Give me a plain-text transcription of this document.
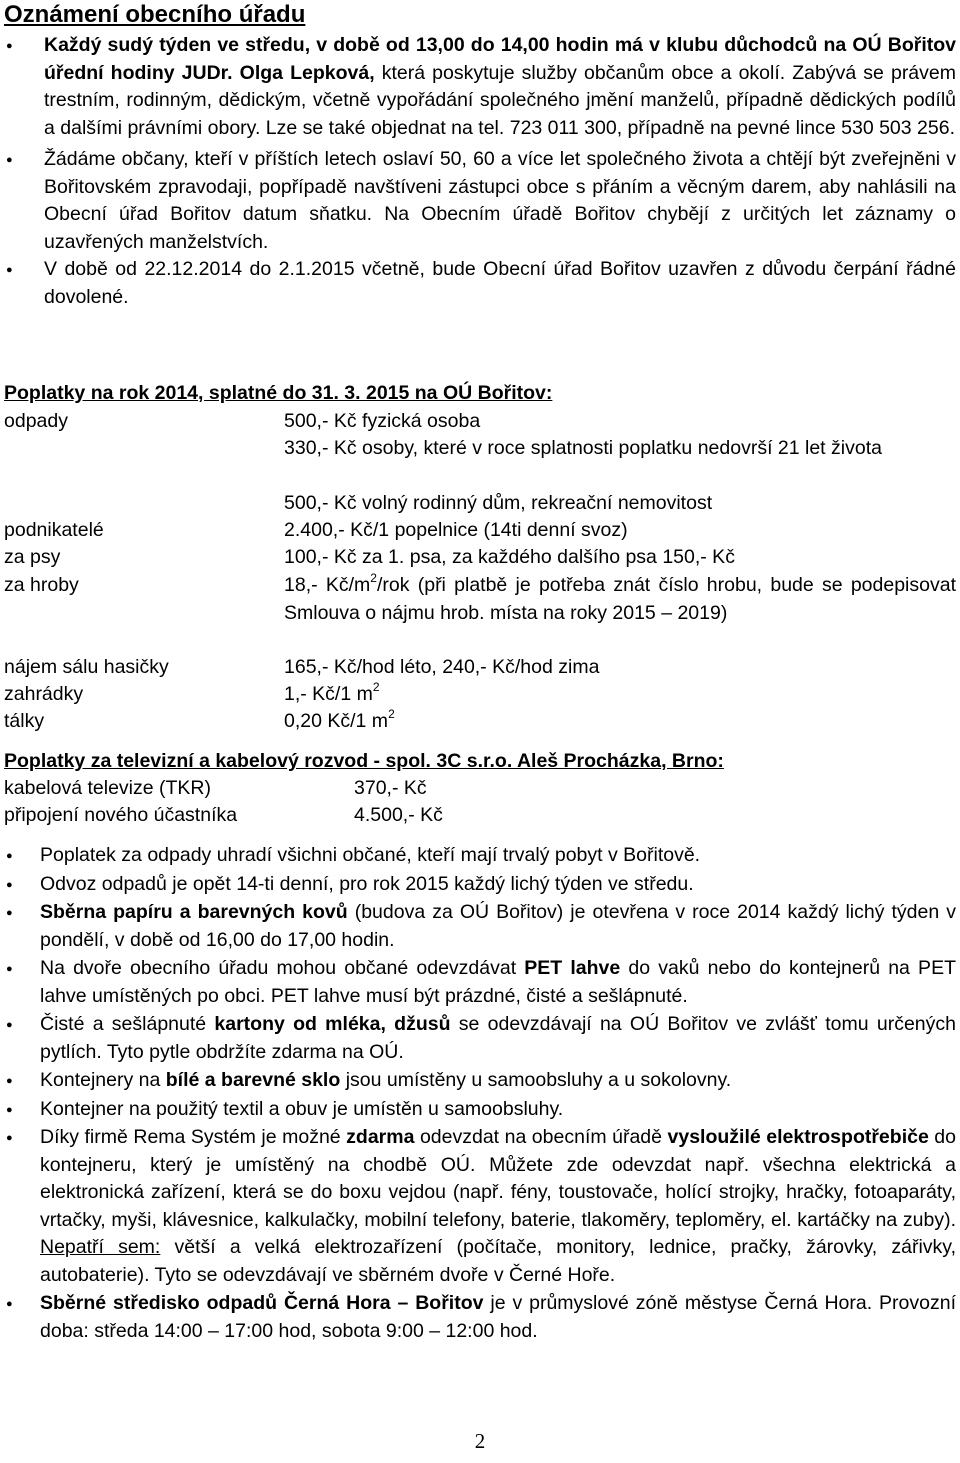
Oznámení obecního úřadu
● Každý sudý týden ve středu, v době od 13,00 do 14,00 hodin má v klubu důchodců na OÚ Bořitov úřední hodiny JUDr. Olga Lepková, která poskytuje služby občanům obce a okolí. Zabývá se právem trestním, rodinným, dědickým, včetně vypořádání společného jmění manželů, případně dědických podílů a dalšími právními obory. Lze se také objednat na tel. 723 011 300, případně na pevné lince 530 503 256.
● Žádáme občany, kteří v příštích letech oslaví 50, 60 a více let společného života a chtějí být zveřejněni v Bořitovském zpravodaji, popřípadě navštíveni zástupci obce s přáním a věcným darem, aby nahlásili na Obecní úřad Bořitov datum sňatku. Na Obecním úřadě Bořitov chybějí z určitých let záznamy o uzavřených manželstvích.
● V době od 22.12.2014 do 2.1.2015 včetně, bude Obecní úřad Bořitov uzavřen z důvodu čerpání řádné dovolené.
Poplatky na rok 2014, splatné do 31. 3. 2015 na OÚ Bořitov:
odpady	500,- Kč fyzická osoba
330,- Kč osoby, které v roce splatnosti poplatku nedovrší 21 let života
500,- Kč volný rodinný dům, rekreační nemovitost
podnikatelé	2.400,- Kč/1 popelnice (14ti denní svoz)
za psy	100,- Kč za 1. psa, za každého dalšího psa 150,- Kč
za hroby	18,- $Kč/m^2$/rok (při platbě je potřeba znát číslo hrobu, bude se podepisovat Smlouva o nájmu hrob. místa na roky 2015 – 2019)
nájem sálu hasičky	165,- Kč/hod léto, 240,- Kč/hod zima
zahrádky	1,- Kč/1 $m^2$
tálky	0,20 Kč/1 $m^2$
Poplatky za televizní a kabelový rozvod - spol. 3C s.r.o. Aleš Procházka, Brno:
kabelová televize (TKR)	370,- Kč
připojení nového účastníka	4.500,- Kč
● Poplatek za odpady uhradí všichni občané, kteří mají trvalý pobyt v Bořitově.
● Odvoz odpadů je opět 14-ti denní, pro rok 2015 každý lichý týden ve středu.
● Sběrna papíru a barevných kovů (budova za OÚ Bořitov) je otevřena v roce 2014 každý lichý týden v pondělí, v době od 16,00 do 17,00 hodin.
● Na dvoře obecního úřadu mohou občané odevzdávat PET lahve do vaků nebo do kontejnerů na PET lahve umístěných po obci. PET lahve musí být prázdné, čisté a sešlápnuté.
● Čisté a sešlápnuté kartony od mléka, džusů se odevzdávají na OÚ Bořitov ve zvlášť tomu určených pytlích. Tyto pytle obdržíte zdarma na OÚ.
● Kontejnery na bílé a barevné sklo jsou umístěny u samoobsluhy a u sokolovny.
● Kontejner na použitý textil a obuv je umístěn u samoobsluhy.
● Díky firmě Rema Systém je možné zdarma odevzdat na obecním úřadě vysloužilé elektrospotřebiče do kontejneru, který je umístěný na chodbě OÚ. Můžete zde odevzdat např. všechna elektrická a elektronická zařízení, která se do boxu vejdou (např. fény, toustovače, holící strojky, hračky, fotoaparáty, vrtačky, myši, klávesnice, kalkulačky, mobilní telefony, baterie, tlakoměry, teploměry, el. kartáčky na zuby). Nepatří sem: větší a velká elektrozařízení (počítače, monitory, lednice, pračky, žárovky, zářivky, autobaterie). Tyto se odevzdávají ve sběrném dvoře v Černé Hoře.
● Sběrné středisko odpadů Černá Hora – Bořitov je v průmyslové zóně městyse Černá Hora. Provozní doba: středa 14:00 – 17:00 hod, sobota 9:00 – 12:00 hod.
2
